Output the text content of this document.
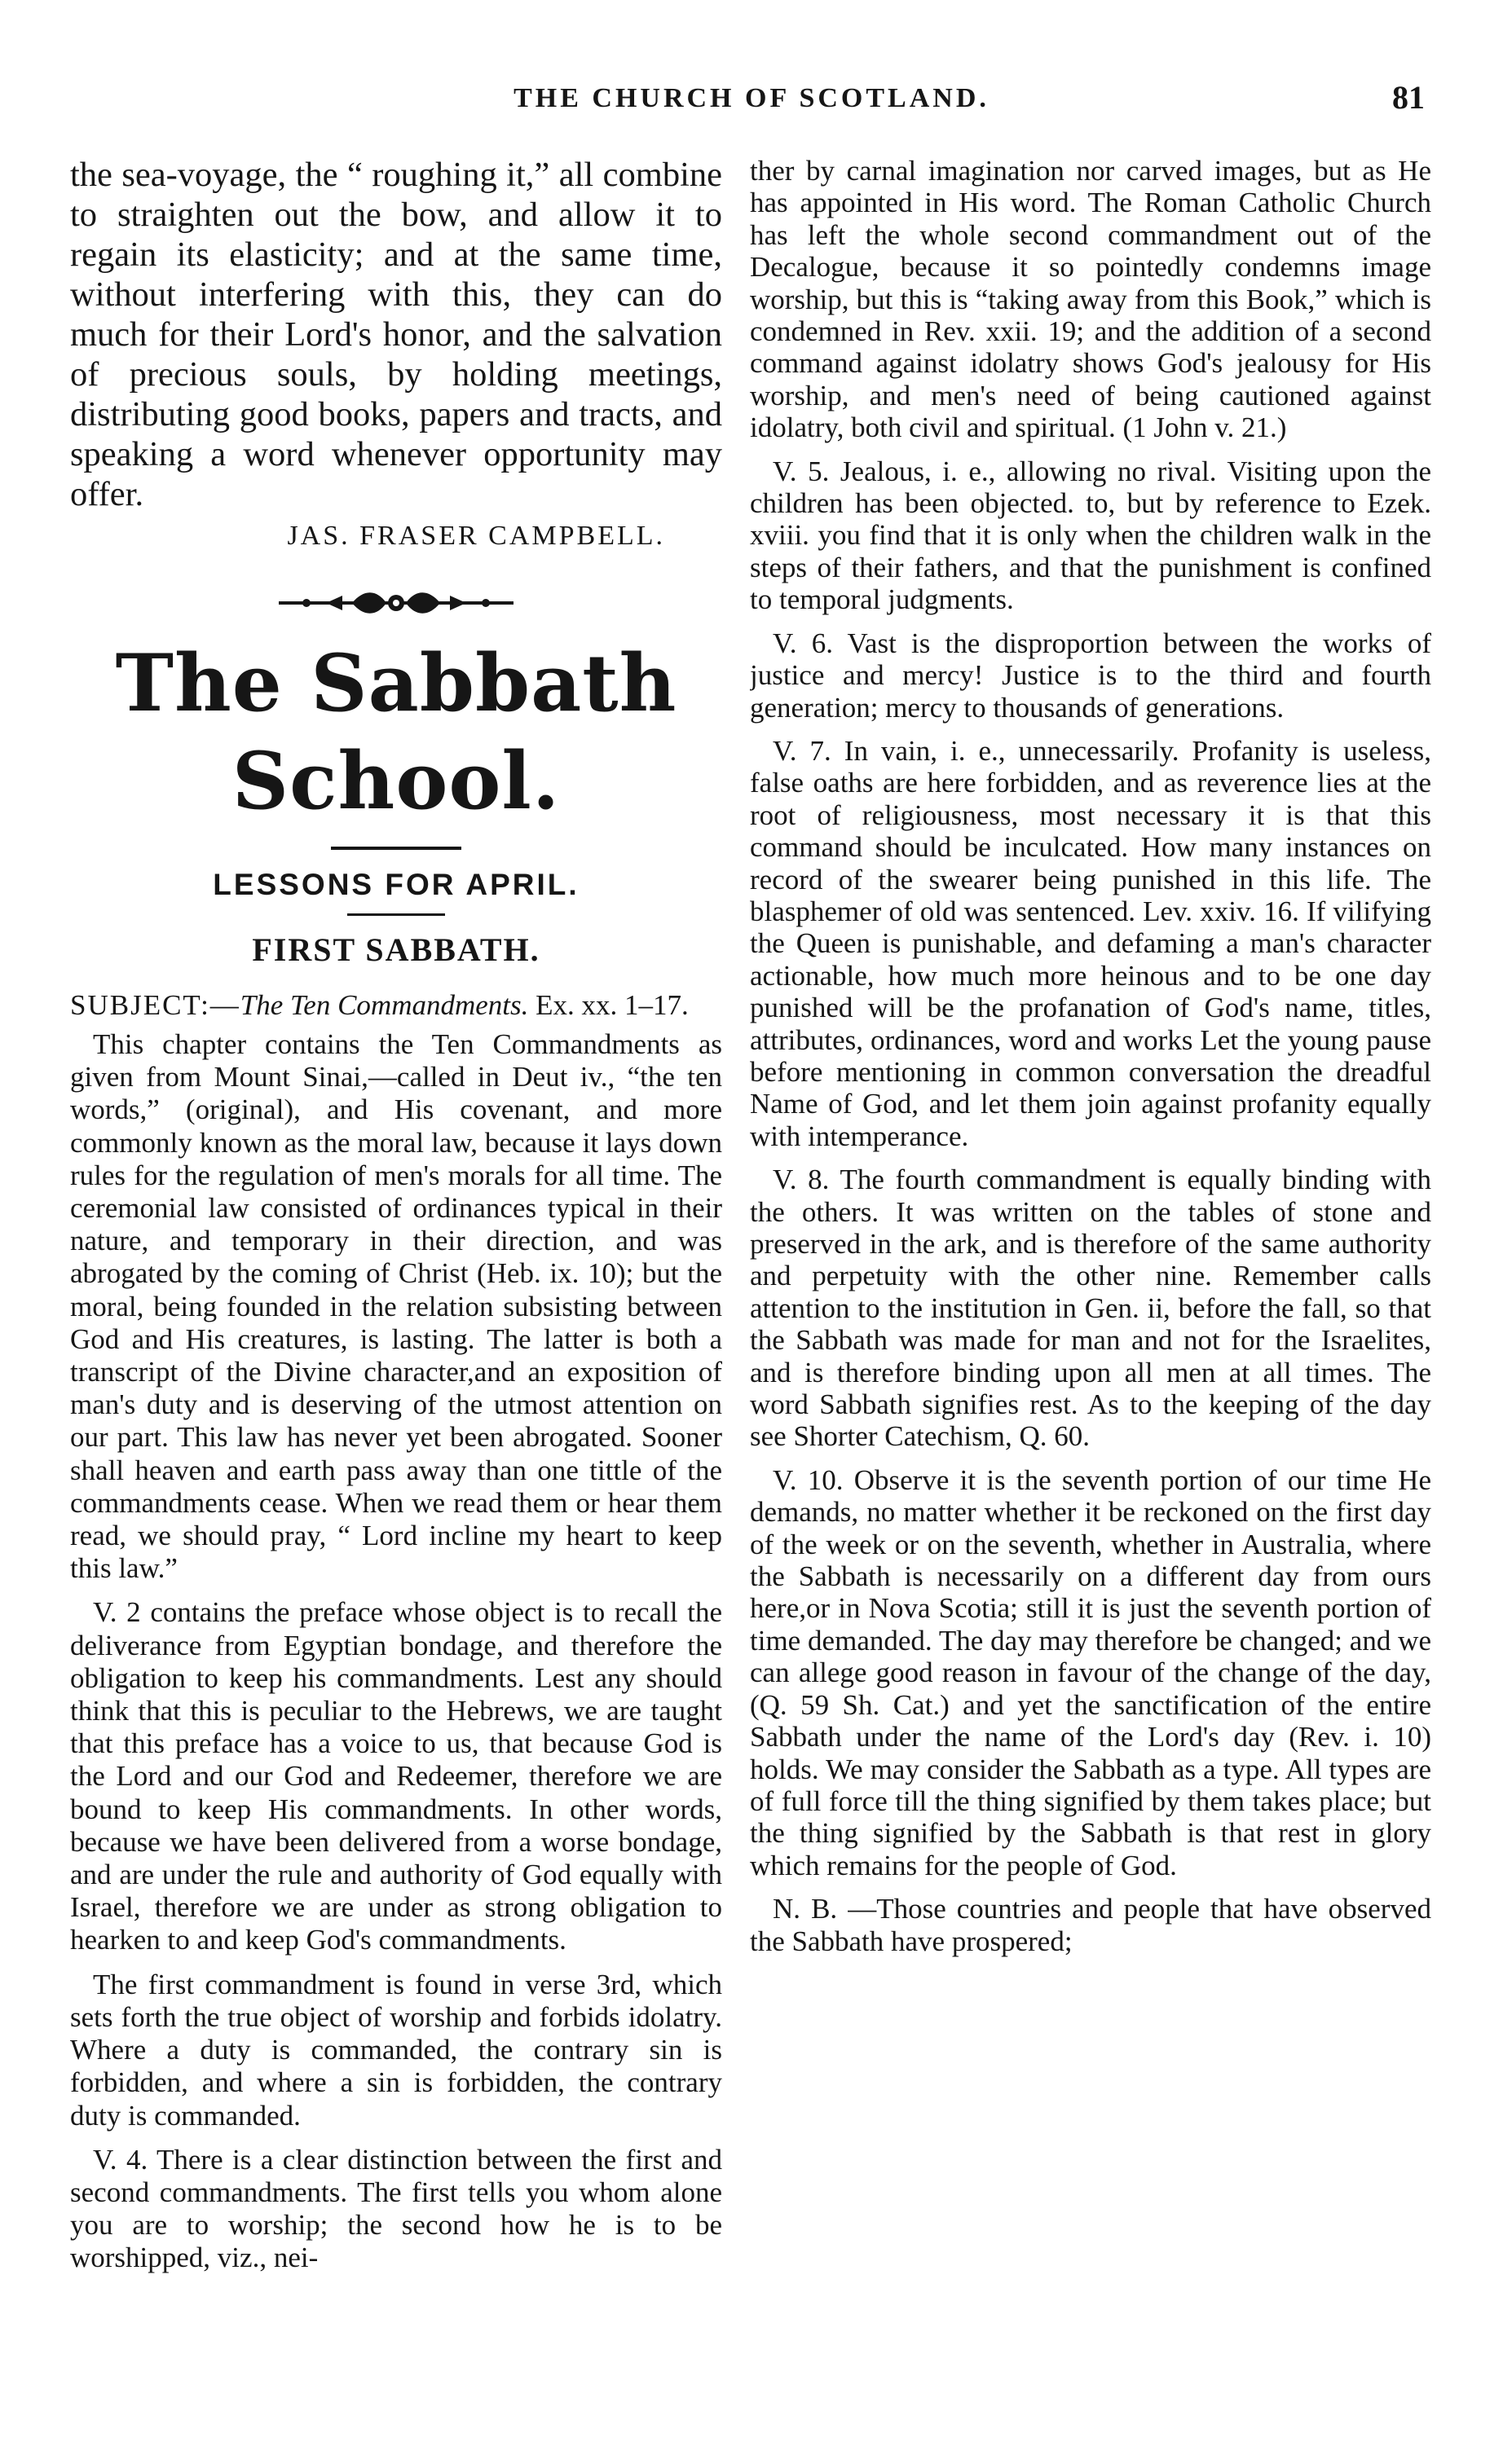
THE CHURCH OF SCOTLAND.	81

the sea-voyage, the “ roughing it,” all combine to straighten out the bow, and allow it to regain its elasticity; and at the same time, without interfering with this, they can do much for their Lord's honor, and the salvation of precious souls, by holding meetings, distributing good books, papers and tracts, and speaking a word whenever opportunity may offer.

JAS. FRASER CAMPBELL.
The Sabbath School.
LESSONS FOR APRIL.
FIRST SABBATH.

SUBJECT:—The Ten Commandments. Ex. xx. 1–17.

This chapter contains the Ten Commandments as given from Mount Sinai,—called in Deut iv., “the ten words,” (original), and His covenant, and more commonly known as the moral law, because it lays down rules for the regulation of men's morals for all time. The ceremonial law consisted of ordinances typical in their nature, and temporary in their direction, and was abrogated by the coming of Christ (Heb. ix. 10); but the moral, being founded in the relation subsisting between God and His creatures, is lasting. The latter is both a transcript of the Divine character,and an exposition of man's duty and is deserving of the utmost attention on our part. This law has never yet been abrogated. Sooner shall heaven and earth pass away than one tittle of the commandments cease. When we read them or hear them read, we should pray, “ Lord incline my heart to keep this law.”

V. 2 contains the preface whose object is to recall the deliverance from Egyptian bondage, and therefore the obligation to keep his commandments. Lest any should think that this is peculiar to the Hebrews, we are taught that this preface has a voice to us, that because God is the Lord and our God and Redeemer, therefore we are bound to keep His commandments. In other words, because we have been delivered from a worse bondage, and are under the rule and authority of God equally with Israel, therefore we are under as strong obligation to hearken to and keep God's commandments.

The first commandment is found in verse 3rd, which sets forth the true object of worship and forbids idolatry. Where a duty is commanded, the contrary sin is forbidden, and where a sin is forbidden, the contrary duty is commanded.

V. 4. There is a clear distinction between the first and second commandments. The first tells you whom alone you are to worship; the second how he is to be worshipped, viz., nei-

ther by carnal imagination nor carved images, but as He has appointed in His word. The Roman Catholic Church has left the whole second commandment out of the Decalogue, because it so pointedly condemns image worship, but this is “taking away from this Book,” which is condemned in Rev. xxii. 19; and the addition of a second command against idolatry shows God's jealousy for His worship, and men's need of being cautioned against idolatry, both civil and spiritual. (1 John v. 21.)

V. 5. Jealous, i. e., allowing no rival. Visiting upon the children has been objected. to, but by reference to Ezek. xviii. you find that it is only when the children walk in the steps of their fathers, and that the punishment is confined to temporal judgments.

V. 6. Vast is the disproportion between the works of justice and mercy! Justice is to the third and fourth generation; mercy to thousands of generations.

V. 7. In vain, i. e., unnecessarily. Profanity is useless, false oaths are here forbidden, and as reverence lies at the root of religiousness, most necessary it is that this command should be inculcated. How many instances on record of the swearer being punished in this life. The blasphemer of old was sentenced. Lev. xxiv. 16. If vilifying the Queen is punishable, and defaming a man's character actionable, how much more heinous and to be one day punished will be the profanation of God's name, titles, attributes, ordinances, word and works Let the young pause before mentioning in common conversation the dreadful Name of God, and let them join against profanity equally with intemperance.

V. 8. The fourth commandment is equally binding with the others. It was written on the tables of stone and preserved in the ark, and is therefore of the same authority and perpetuity with the other nine. Remember calls attention to the institution in Gen. ii, before the fall, so that the Sabbath was made for man and not for the Israelites, and is therefore binding upon all men at all times. The word Sabbath signifies rest. As to the keeping of the day see Shorter Catechism, Q. 60.

V. 10. Observe it is the seventh portion of our time He demands, no matter whether it be reckoned on the first day of the week or on the seventh, whether in Australia, where the Sabbath is necessarily on a different day from ours here,or in Nova Scotia; still it is just the seventh portion of time demanded. The day may therefore be changed; and we can allege good reason in favour of the change of the day, (Q. 59 Sh. Cat.) and yet the sanctification of the entire Sabbath under the name of the Lord's day (Rev. i. 10) holds. We may consider the Sabbath as a type. All types are of full force till the thing signified by them takes place; but the thing signified by the Sabbath is that rest in glory which remains for the people of God.

N. B. —Those countries and people that have observed the Sabbath have prospered;
